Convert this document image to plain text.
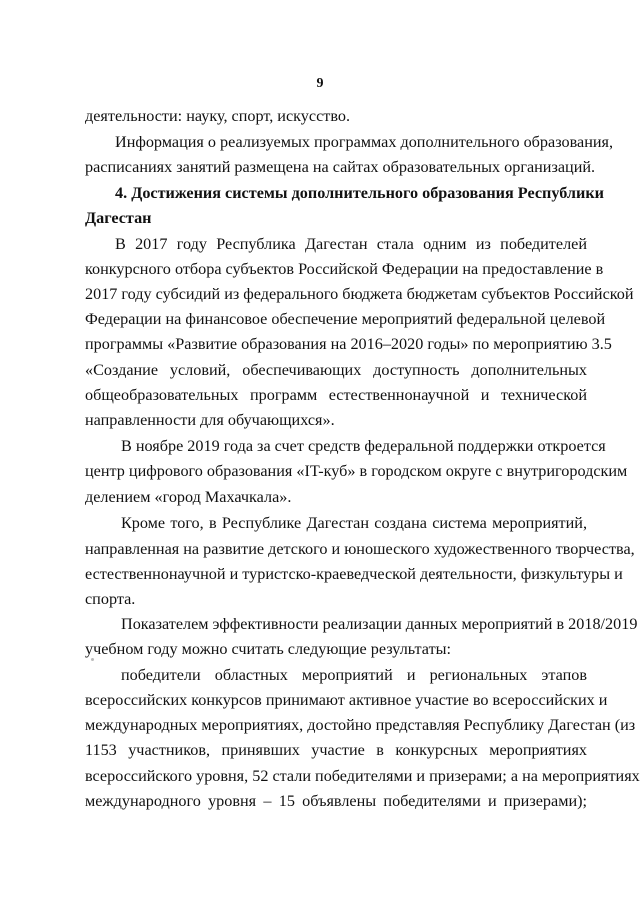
9
деятельности: науку, спорт, искусство.
Информация о реализуемых программах дополнительного образования,
расписаниях занятий размещена на сайтах образовательных организаций.
4. Достижения системы дополнительного образования Республики
Дагестан
В 2017 году Республика Дагестан стала одним из победителей
конкурсного отбора субъектов Российской Федерации на предоставление в
2017 году субсидий из федерального бюджета бюджетам субъектов Российской
Федерации на финансовое обеспечение мероприятий федеральной целевой
программы «Развитие образования на 2016–2020 годы» по мероприятию 3.5
«Создание условий, обеспечивающих доступность дополнительных
общеобразовательных программ естественнонаучной и технической
направленности для обучающихся».
В ноябре 2019 года за счет средств федеральной поддержки откроется
центр цифрового образования «IT-куб» в городском округе с внутригородским
делением «город Махачкала».
Кроме того, в Республике Дагестан создана система мероприятий,
направленная на развитие детского и юношеского художественного творчества,
естественнонаучной и туристско-краеведческой деятельности, физкультуры и
спорта.
Показателем эффективности реализации данных мероприятий в 2018/2019
учебном году можно считать следующие результаты:
победители областных мероприятий и региональных этапов
всероссийских конкурсов принимают активное участие во всероссийских и
международных мероприятиях, достойно представляя Республику Дагестан (из
1153 участников, принявших участие в конкурсных мероприятиях
всероссийского уровня, 52 стали победителями и призерами; а на мероприятиях
международного уровня – 15 объявлены победителями и призерами);
